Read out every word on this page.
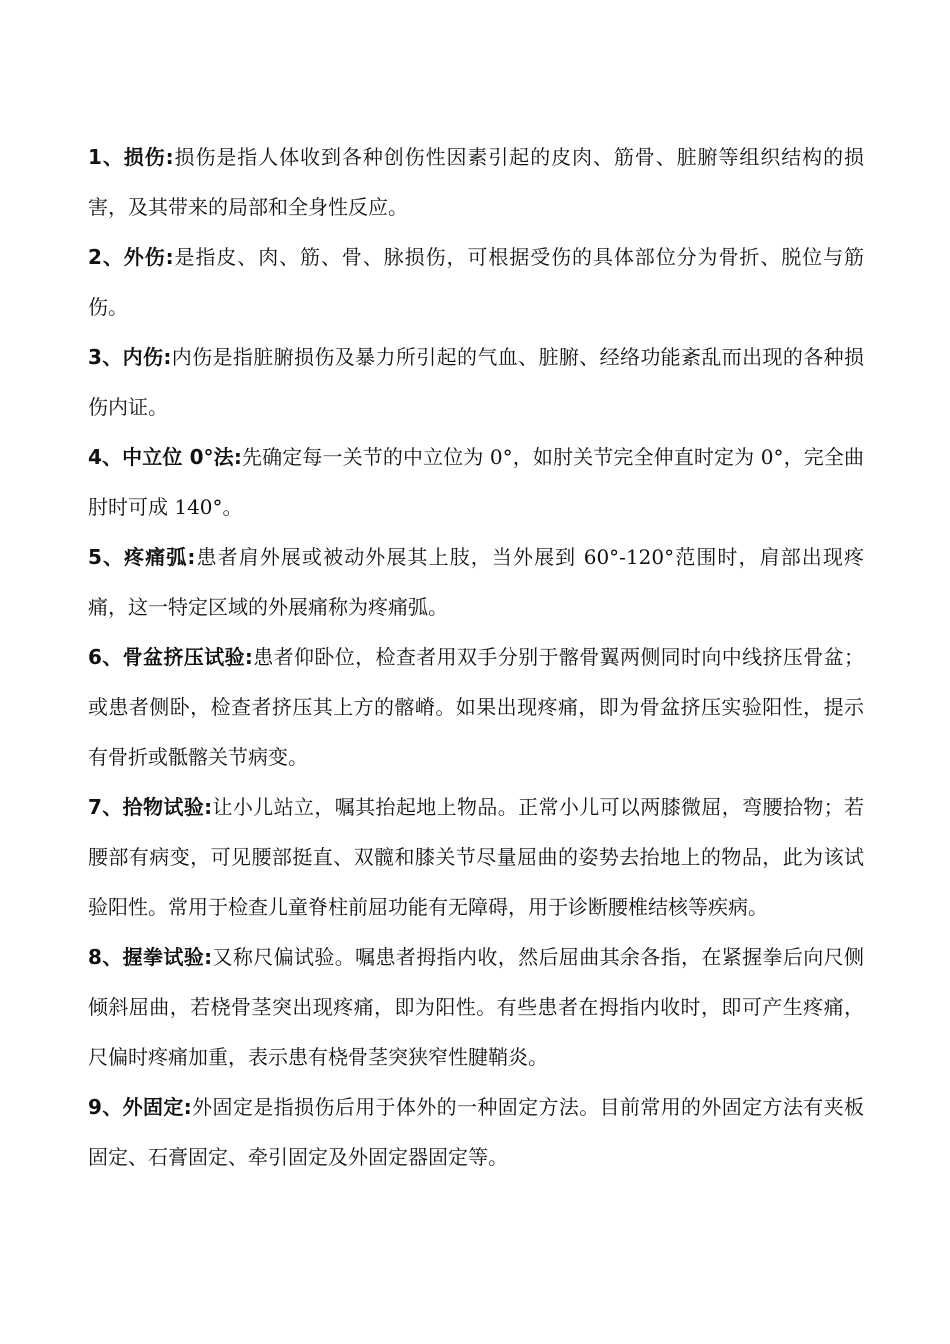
1、损伤:损伤是指人体收到各种创伤性因素引起的皮肉、筋骨、脏腑等组织结构的损害，及其带来的局部和全身性反应。

2、外伤:是指皮、肉、筋、骨、脉损伤，可根据受伤的具体部位分为骨折、脱位与筋伤。

3、内伤:内伤是指脏腑损伤及暴力所引起的气血、脏腑、经络功能紊乱而出现的各种损伤内证。

4、中立位 0°法:先确定每一关节的中立位为 0°，如肘关节完全伸直时定为 0°，完全曲肘时可成 140°。

5、疼痛弧:患者肩外展或被动外展其上肢，当外展到 60°-120°范围时，肩部出现疼痛，这一特定区域的外展痛称为疼痛弧。

6、骨盆挤压试验:患者仰卧位，检查者用双手分别于髂骨翼两侧同时向中线挤压骨盆；或患者侧卧，检查者挤压其上方的髂嵴。如果出现疼痛，即为骨盆挤压实验阳性，提示有骨折或骶髂关节病变。

7、拾物试验:让小儿站立，嘱其抬起地上物品。正常小儿可以两膝微屈，弯腰拾物；若腰部有病变，可见腰部挺直、双髋和膝关节尽量屈曲的姿势去抬地上的物品，此为该试验阳性。常用于检查儿童脊柱前屈功能有无障碍，用于诊断腰椎结核等疾病。

8、握拳试验:又称尺偏试验。嘱患者拇指内收，然后屈曲其余各指，在紧握拳后向尺侧倾斜屈曲，若桡骨茎突出现疼痛，即为阳性。有些患者在拇指内收时，即可产生疼痛，尺偏时疼痛加重，表示患有桡骨茎突狭窄性腱鞘炎。

9、外固定:外固定是指损伤后用于体外的一种固定方法。目前常用的外固定方法有夹板固定、石膏固定、牵引固定及外固定器固定等。
